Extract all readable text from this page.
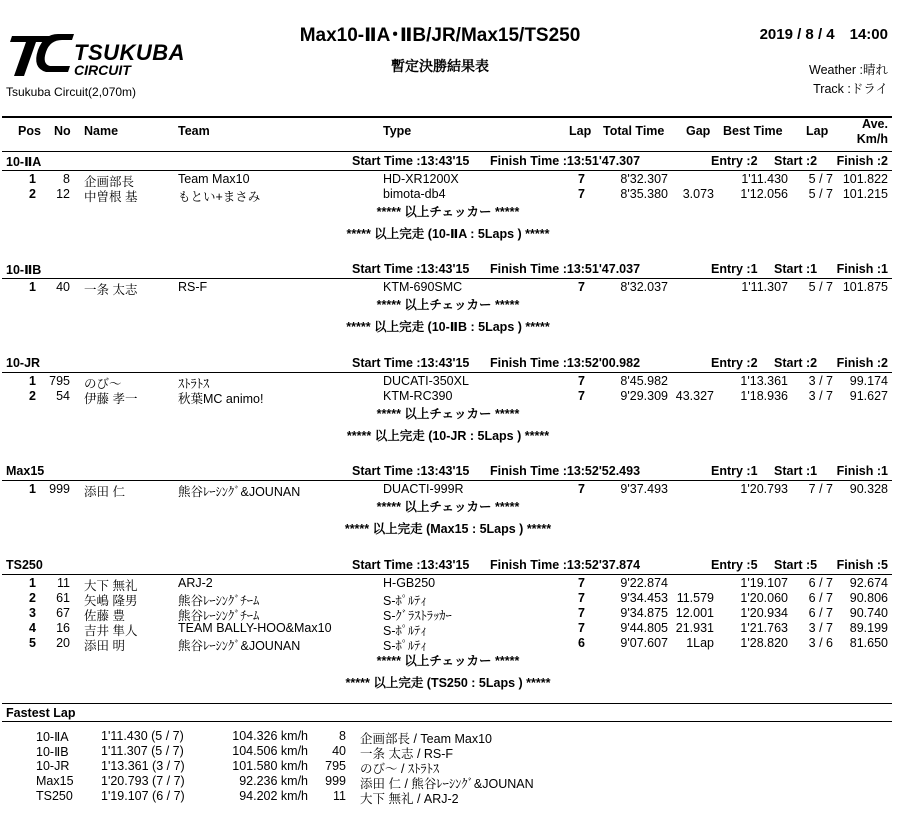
TSUKUBA
CIRCUIT
Tsukuba Circuit(2,070m)
Max10-ⅡA･ⅡB/JR/Max15/TS250
暫定決勝結果表
2019 / 8 / 4　14:00
Weather :晴れ
Track :ドライ
Pos No Name	Team	Type	Lap Total Time Gap Best Time Lap	Ave.
Km/h
10-ⅡA	Start Time :13:43'15 Finish Time :13:51'47.307	Entry :2 Start :2 Finish :2
1 8 企画部長	Team Max10	HD-XR1200X	7	8'32.307	1'11.430 5 / 7 101.822
2 12 中曽根 基	もとい+まさみ	bimota-db4	7	8'35.380 3.073 1'12.056 5 / 7 101.215
***** 以上チェッカー *****
***** 以上完走 (10-ⅡA : 5Laps ) *****
10-ⅡB	Start Time :13:43'15 Finish Time :13:51'47.037	Entry :1 Start :1 Finish :1
1 40 一条 太志	RS-F	KTM-690SMC	7	8'32.037	1'11.307 5 / 7 101.875
***** 以上チェッカー *****
***** 以上完走 (10-ⅡB : 5Laps ) *****
10-JR	Start Time :13:43'15 Finish Time :13:52'00.982	Entry :2 Start :2 Finish :2
1 795 のび～	ｽﾄﾗﾄｽ	DUCATI-350XL	7	8'45.982	1'13.361 3 / 7 99.174
2 54 伊藤 孝一	秋葉MC animo!	KTM-RC390	7	9'29.309 43.327 1'18.936 3 / 7 91.627
***** 以上チェッカー *****
***** 以上完走 (10-JR : 5Laps ) *****
Max15	Start Time :13:43'15 Finish Time :13:52'52.493	Entry :1 Start :1 Finish :1
1 999 添田 仁	熊谷ﾚｰｼﾝｸﾞ&JOUNAN	DUACTI-999R	7	9'37.493	1'20.793 7 / 7 90.328
***** 以上チェッカー *****
***** 以上完走 (Max15 : 5Laps ) *****
TS250	Start Time :13:43'15 Finish Time :13:52'37.874	Entry :5 Start :5 Finish :5
1 11 大下 無礼	ARJ-2	H-GB250	7	9'22.874	1'19.107 6 / 7 92.674
2 61 矢嶋 隆男	熊谷ﾚｰｼﾝｸﾞﾁｰﾑ	S-ﾎﾟﾙﾃｨ	7	9'34.453 11.579 1'20.060 6 / 7 90.806
3 67 佐藤 豊	熊谷ﾚｰｼﾝｸﾞﾁｰﾑ	S-ｸﾞﾗｽﾄﾗｯｶｰ	7	9'34.875 12.001 1'20.934 6 / 7 90.740
4 16 吉井 隼人	TEAM BALLY-HOO&Max10	S-ﾎﾟﾙﾃｨ	7	9'44.805 21.931 1'21.763 3 / 7 89.199
5 20 添田 明	熊谷ﾚｰｼﾝｸﾞ&JOUNAN	S-ﾎﾟﾙﾃｨ	6	9'07.607 1Lap 1'28.820 3 / 6 81.650
***** 以上チェッカー *****
***** 以上完走 (TS250 : 5Laps ) *****
Fastest Lap
10-ⅡA	1'11.430 (5 / 7)	104.326 km/h 8 企画部長 / Team Max10
10-ⅡB	1'11.307 (5 / 7)	104.506 km/h 40 一条 太志 / RS-F
10-JR	1'13.361 (3 / 7)	101.580 km/h 795 のび～ / ｽﾄﾗﾄｽ
Max15 1'20.793 (7 / 7)	92.236 km/h 999 添田 仁 / 熊谷ﾚｰｼﾝｸﾞ&JOUNAN
TS250 1'19.107 (6 / 7)	94.202 km/h 11 大下 無礼 / ARJ-2
